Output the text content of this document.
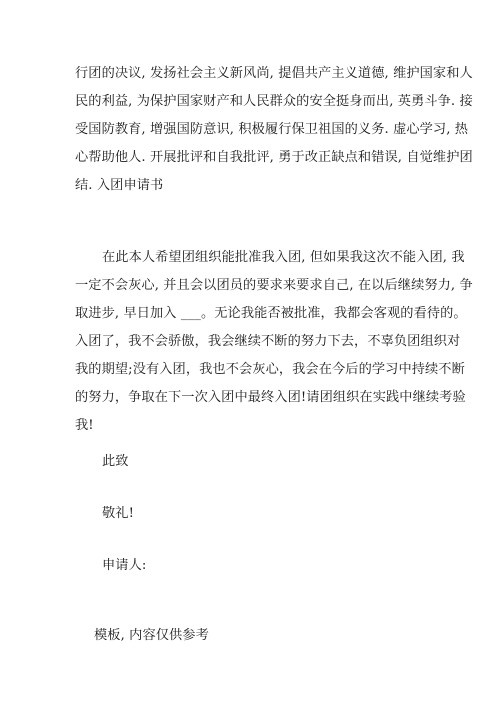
行团的决议, 发扬社会主义新风尚, 提倡共产主义道德, 维护国家和人
民的利益, 为保护国家财产和人民群众的安全挺身而出, 英勇斗争. 接
受国防教育, 增强国防意识, 积极履行保卫祖国的义务. 虚心学习, 热
心帮助他人. 开展批评和自我批评, 勇于改正缺点和错误, 自觉维护团
结. 入团申请书
在此本人希望团组织能批准我入团, 但如果我这次不能入团, 我
一定不会灰心, 并且会以团员的要求来要求自己, 在以后继续努力, 争
取进步, 早日加入 ___。无论我能否被批准，我都会客观的看待的。
入团了，我不会骄傲，我会继续不断的努力下去，不辜负团组织对
我的期望;没有入团，我也不会灰心，我会在今后的学习中持续不断
的努力，争取在下一次入团中最终入团!请团组织在实践中继续考验
我!
此致
敬礼!
申请人:
模板, 内容仅供参考
